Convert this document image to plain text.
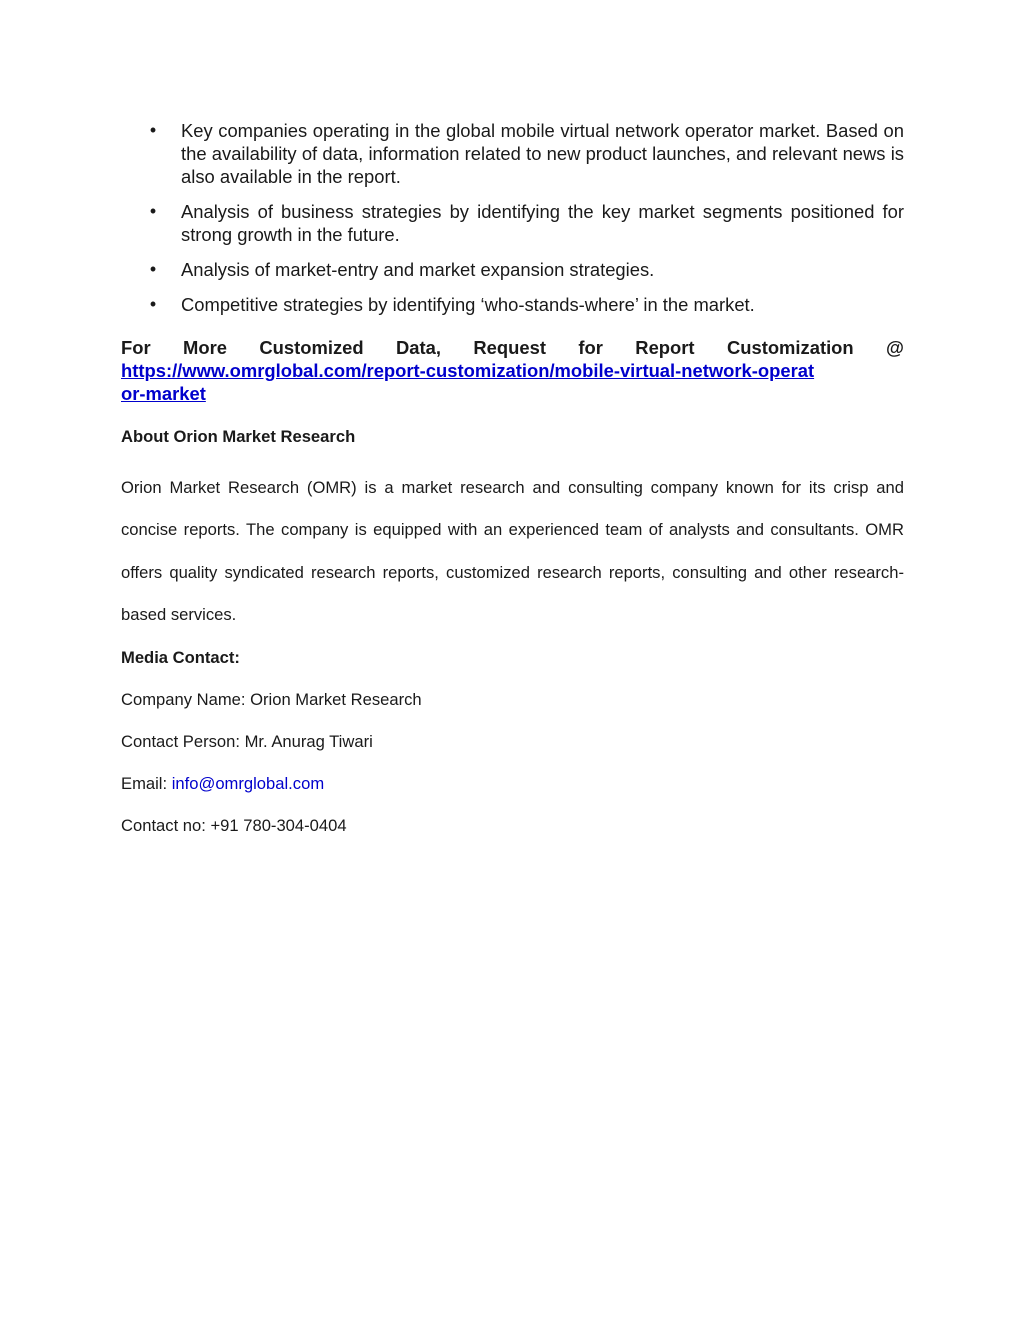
• Key companies operating in the global mobile virtual network operator market. Based on the availability of data, information related to new product launches, and relevant news is also available in the report.
• Analysis of business strategies by identifying the key market segments positioned for strong growth in the future.
• Analysis of market-entry and market expansion strategies.
• Competitive strategies by identifying ‘who-stands-where’ in the market.
For More Customized Data, Request for Report Customization @
https://www.omrglobal.com/report-customization/mobile-virtual-network-operator-market
About Orion Market Research
Orion Market Research (OMR) is a market research and consulting company known for its crisp and concise reports. The company is equipped with an experienced team of analysts and consultants. OMR offers quality syndicated research reports, customized research reports, consulting and other research-based services.
Media Contact:
Company Name: Orion Market Research
Contact Person: Mr. Anurag Tiwari
Email: info@omrglobal.com
Contact no: +91 780-304-0404
